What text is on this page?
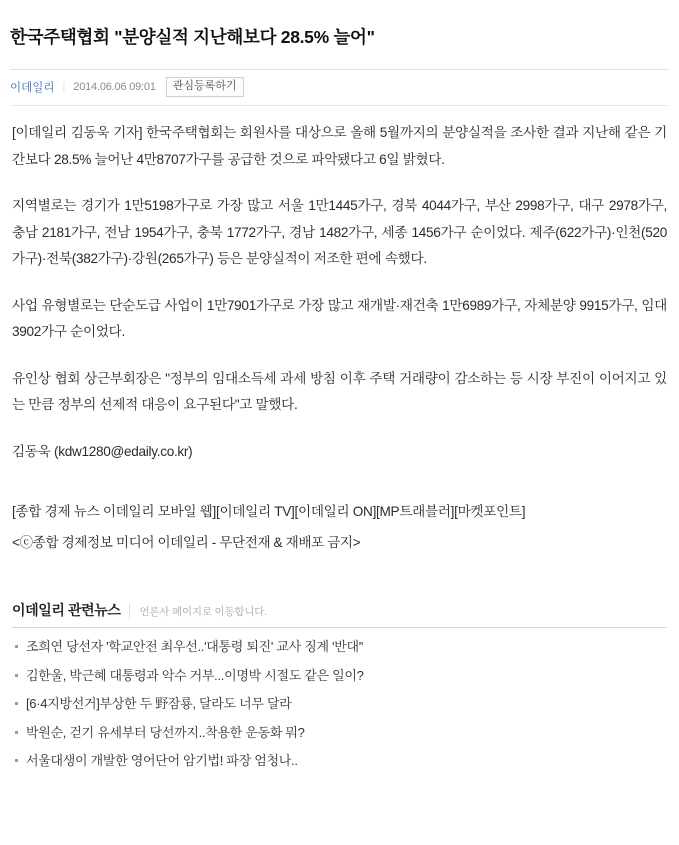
한국주택협회 "분양실적 지난해보다 28.5% 늘어"
이데일리 | 2014.06.06 09:01	관심등록하기

[이데일리 김동욱 기자] 한국주택협회는 회원사를 대상으로 올해 5월까지의 분양실적을 조사한 결과 지난해 같은 기간보다 28.5% 늘어난 4만8707가구를 공급한 것으로 파악됐다고 6일 밝혔다.

지역별로는 경기가 1만5198가구로 가장 많고 서울 1만1445가구, 경북 4044가구, 부산 2998가구, 대구 2978가구, 충남 2181가구, 전남 1954가구, 충북 1772가구, 경남 1482가구, 세종 1456가구 순이었다. 제주(622가구)·인천(520가구)·전북(382가구)·강원(265가구) 등은 분양실적이 저조한 편에 속했다.

사업 유형별로는 단순도급 사업이 1만7901가구로 가장 많고 재개발·재건축 1만6989가구, 자체분양 9915가구, 임대 3902가구 순이었다.

유인상 협회 상근부회장은 "정부의 임대소득세 과세 방침 이후 주택 거래량이 감소하는 등 시장 부진이 이어지고 있는 만큼 정부의 선제적 대응이 요구된다"고 말했다.

김동욱 (kdw1280@edaily.co.kr)

[종합 경제 뉴스 이데일리 모바일 웹][이데일리 TV][이데일리 ON][MP트래블러][마켓포인트]

<ⓒ종합 경제정보 미디어 이데일리 - 무단전재 & 재배포 금지>

이데일리 관련뉴스	언론사 페이지로 이동합니다.
조희연 당선자 '학교안전 최우선..'대통령 퇴진' 교사 징계 '반대''
김한울, 박근혜 대통령과 악수 거부...이명박 시절도 같은 일이?
[6·4지방선거]부상한 두 野잠룡, 달라도 너무 달라
박원순, 걷기 유세부터 당선까지..착용한 운동화 뭐?
서울대생이 개발한 영어단어 암기법! 파장 엄청나..
